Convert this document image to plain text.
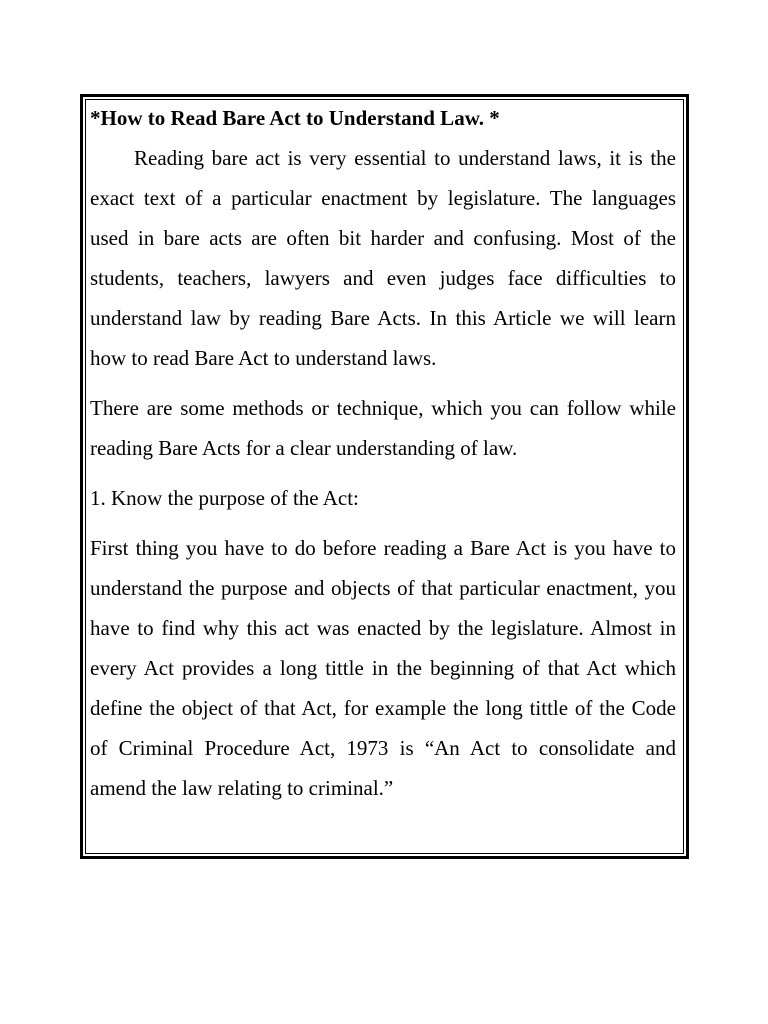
*How to Read Bare Act to Understand Law. *

Reading bare act is very essential to understand laws, it is the exact text of a particular enactment by legislature. The languages used in bare acts are often bit harder and confusing. Most of the students, teachers, lawyers and even judges face difficulties to understand law by reading Bare Acts. In this Article we will learn how to read Bare Act to understand laws.

There are some methods or technique, which you can follow while reading Bare Acts for a clear understanding of law.

1. Know the purpose of the Act:

First thing you have to do before reading a Bare Act is you have to understand the purpose and objects of that particular enactment, you have to find why this act was enacted by the legislature. Almost in every Act provides a long tittle in the beginning of that Act which define the object of that Act, for example the long tittle of the Code of Criminal Procedure Act, 1973 is “An Act to consolidate and amend the law relating to criminal.”
